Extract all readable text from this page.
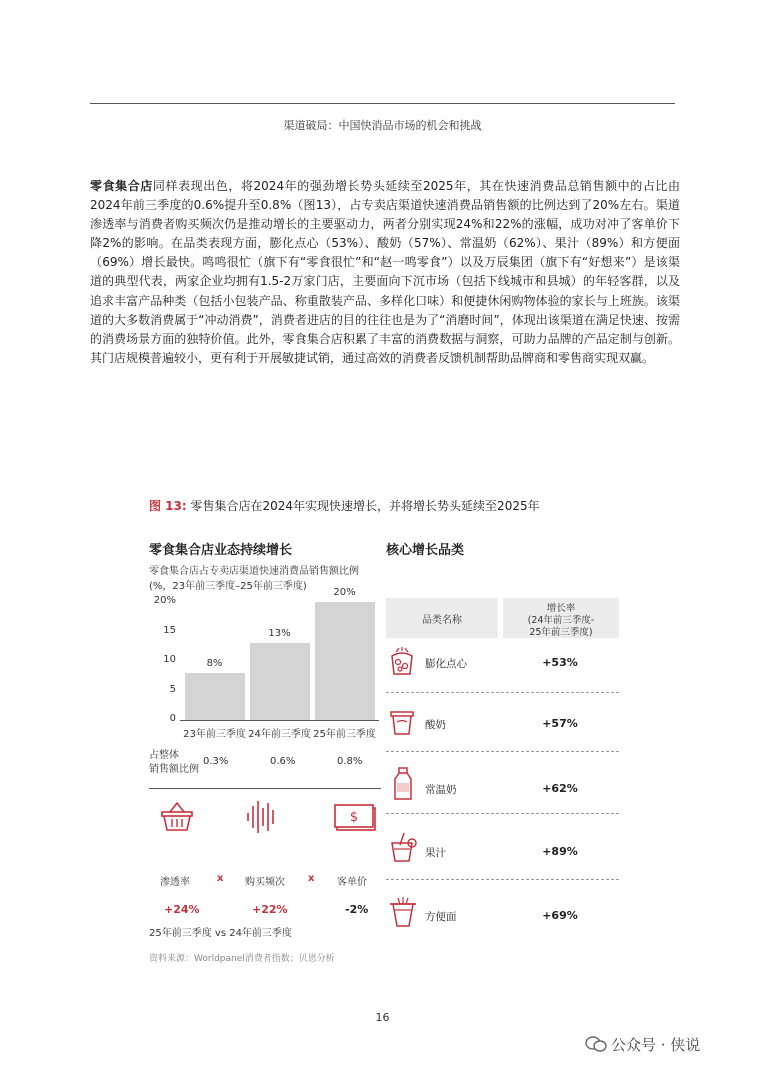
渠道破局：中国快消品市场的机会和挑战
零食集合店同样表现出色，将2024年的强劲增长势头延续至2025年，其在快速消费品总销售额中的占比由2024年前三季度的0.6%提升至0.8%（图13），占专卖店渠道快速消费品销售额的比例达到了20%左右。渠道渗透率与消费者购买频次仍是推动增长的主要驱动力，两者分别实现24%和22%的涨幅，成功对冲了客单价下降2%的影响。在品类表现方面，膨化点心（53%）、酸奶（57%）、常温奶（62%）、果汁（89%）和方便面（69%）增长最快。鸣鸣很忙（旗下有“零食很忙”和“赵一鸣零食”）以及万辰集团（旗下有“好想来”）是该渠道的典型代表，两家企业均拥有1.5-2万家门店，主要面向下沉市场（包括下线城市和县城）的年轻客群，以及追求丰富产品种类（包括小包装产品、称重散装产品、多样化口味）和便捷休闲购物体验的家长与上班族。该渠道的大多数消费属于“冲动消费”，消费者进店的目的往往也是为了“消磨时间”，体现出该渠道在满足快速、按需的消费场景方面的独特价值。此外，零食集合店积累了丰富的消费数据与洞察，可助力品牌的产品定制与创新。其门店规模普遍较小，更有利于开展敏捷试销，通过高效的消费者反馈机制帮助品牌商和零售商实现双赢。
图 13: 零售集合店在2024年实现快速增长，并将增长势头延续至2025年
零食集合店业态持续增长
零食集合店占专卖店渠道快速消费品销售额比例
(%，23年前三季度–25年前三季度)
0
5
10
15
20%
8%
23年前三季度
13%
24年前三季度
20%
25年前三季度
占整体
销售额比例
0.3%	0.6%	0.8%
$
渗透率	x 购买频次 x 客单价
+24%	+22%	-2%
25年前三季度 vs 24年前三季度
核心增长品类
品类名称
增长率
(24年前三季度-
25年前三季度)
膨化点心	+53%
酸奶	+57%
常温奶	+62%
果汁	+89%
方便面	+69%
资料来源：Worldpanel消费者指数；贝恩分析
16
公众号 · 侠说
